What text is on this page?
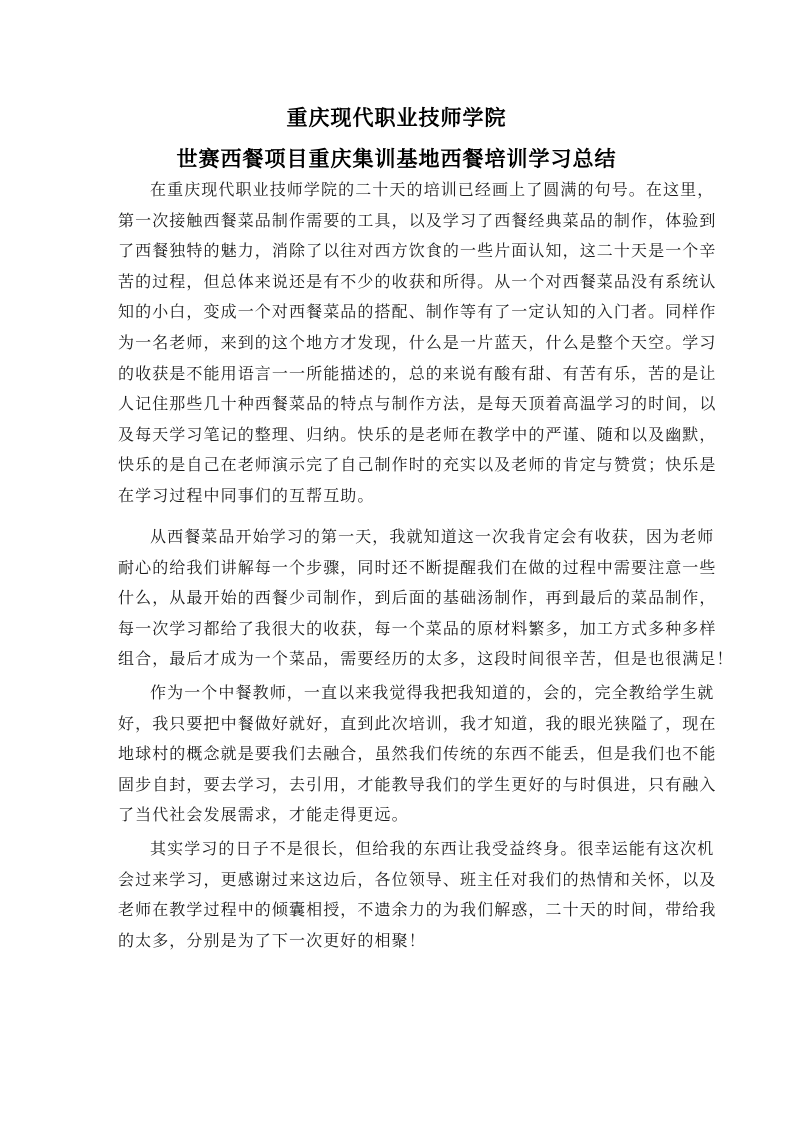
重庆现代职业技师学院
世赛西餐项目重庆集训基地西餐培训学习总结
在重庆现代职业技师学院的二十天的培训已经画上了圆满的句号。在这里，
第一次接触西餐菜品制作需要的工具，以及学习了西餐经典菜品的制作，体验到
了西餐独特的魅力，消除了以往对西方饮食的一些片面认知，这二十天是一个辛
苦的过程，但总体来说还是有不少的收获和所得。从一个对西餐菜品没有系统认
知的小白，变成一个对西餐菜品的搭配、制作等有了一定认知的入门者。同样作
为一名老师，来到的这个地方才发现，什么是一片蓝天，什么是整个天空。学习
的收获是不能用语言一一所能描述的，总的来说有酸有甜、有苦有乐，苦的是让
人记住那些几十种西餐菜品的特点与制作方法，是每天顶着高温学习的时间，以
及每天学习笔记的整理、归纳。快乐的是老师在教学中的严谨、随和以及幽默，
快乐的是自己在老师演示完了自己制作时的充实以及老师的肯定与赞赏；快乐是
在学习过程中同事们的互帮互助。
从西餐菜品开始学习的第一天，我就知道这一次我肯定会有收获，因为老师
耐心的给我们讲解每一个步骤，同时还不断提醒我们在做的过程中需要注意一些
什么，从最开始的西餐少司制作，到后面的基础汤制作，再到最后的菜品制作，
每一次学习都给了我很大的收获，每一个菜品的原材料繁多，加工方式多种多样
组合，最后才成为一个菜品，需要经历的太多，这段时间很辛苦，但是也很满足！
作为一个中餐教师，一直以来我觉得我把我知道的，会的，完全教给学生就
好，我只要把中餐做好就好，直到此次培训，我才知道，我的眼光狭隘了，现在
地球村的概念就是要我们去融合，虽然我们传统的东西不能丢，但是我们也不能
固步自封，要去学习，去引用，才能教导我们的学生更好的与时俱进，只有融入
了当代社会发展需求，才能走得更远。
其实学习的日子不是很长，但给我的东西让我受益终身。很幸运能有这次机
会过来学习，更感谢过来这边后，各位领导、班主任对我们的热情和关怀，以及
老师在教学过程中的倾囊相授，不遗余力的为我们解惑，二十天的时间，带给我
的太多，分别是为了下一次更好的相聚！
